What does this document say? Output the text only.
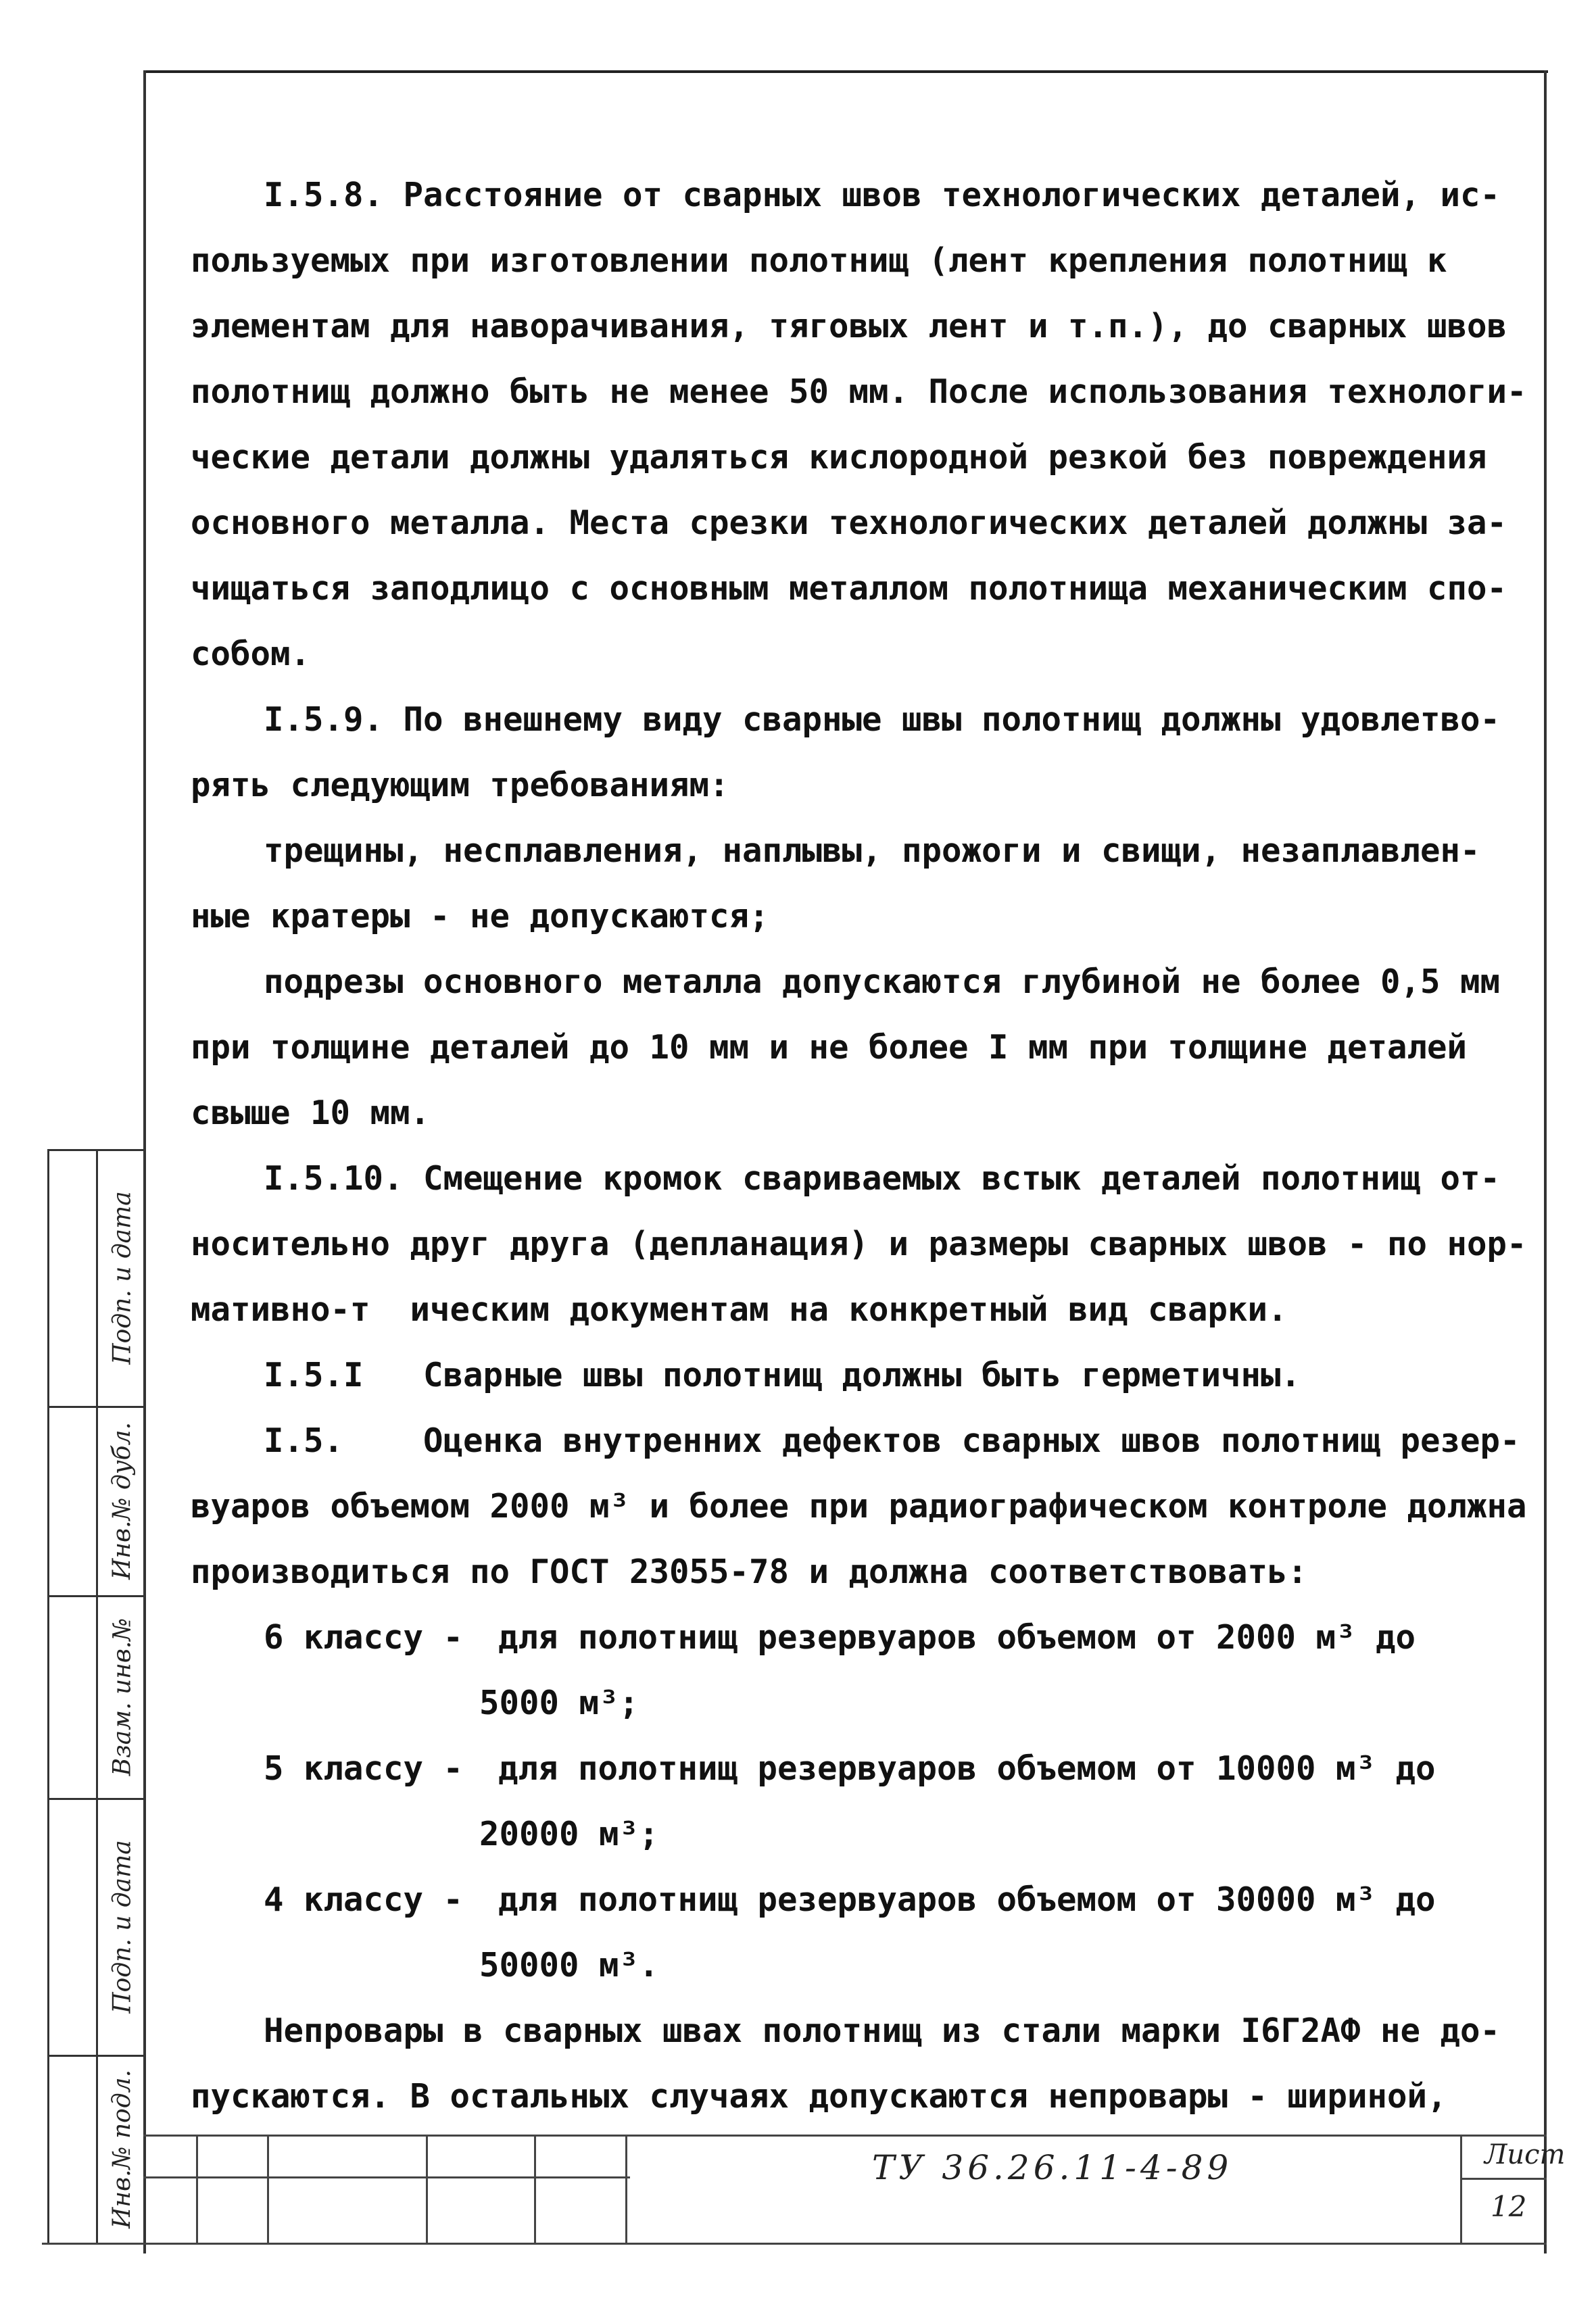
Подп. и дата
Инв.№ дубл.
Взам. инв.№
Подп. и дата
Инв.№ подл.

I.5.8. Расстояние от сварных швов технологических деталей, ис-
пользуемых при изготовлении полотнищ (лент крепления полотнищ к
элементам для наворачивания, тяговых лент и т.п.), до сварных швов
полотнищ должно быть не менее 50 мм. После использования технологи-
ческие детали должны удаляться кислородной резкой без повреждения
основного металла. Места срезки технологических деталей должны за-
чищаться заподлицо с основным металлом полотнища механическим спо-
собом.

I.5.9. По внешнему виду сварные швы полотнищ должны удовлетво-
рять следующим требованиям:

трещины, несплавления, наплывы, прожоги и свищи, незаплавлен-
ные кратеры - не допускаются;

подрезы основного металла допускаются глубиной не более 0,5 мм
при толщине деталей до 10 мм и не более I мм при толщине деталей
свыше 10 мм.

I.5.10. Смещение кромок свариваемых встык деталей полотнищ от-
носительно друг друга (депланация) и размеры сварных швов - по нор-
мативно-т  ическим документам на конкретный вид сварки.

I.5.I   Сварные швы полотнищ должны быть герметичны.

I.5.    Оценка внутренних дефектов сварных швов полотнищ резер-
вуаров объемом 2000 м³ и более при радиографическом контроле должна
производиться по ГОСТ 23055-78 и должна соответствовать:

6 классу - для полотнищ резервуаров объемом от 2000 м³ до
5000 м³;
5 классу - для полотнищ резервуаров объемом от 10000 м³ до
20000 м³;
4 классу - для полотнищ резервуаров объемом от 30000 м³ до
50000 м³.

Непровары в сварных швах полотнищ из стали марки I6Г2АФ не до-
пускаются. В остальных случаях допускаются непровары - шириной,

ТУ 36.26.11-4-89	Лист
12
